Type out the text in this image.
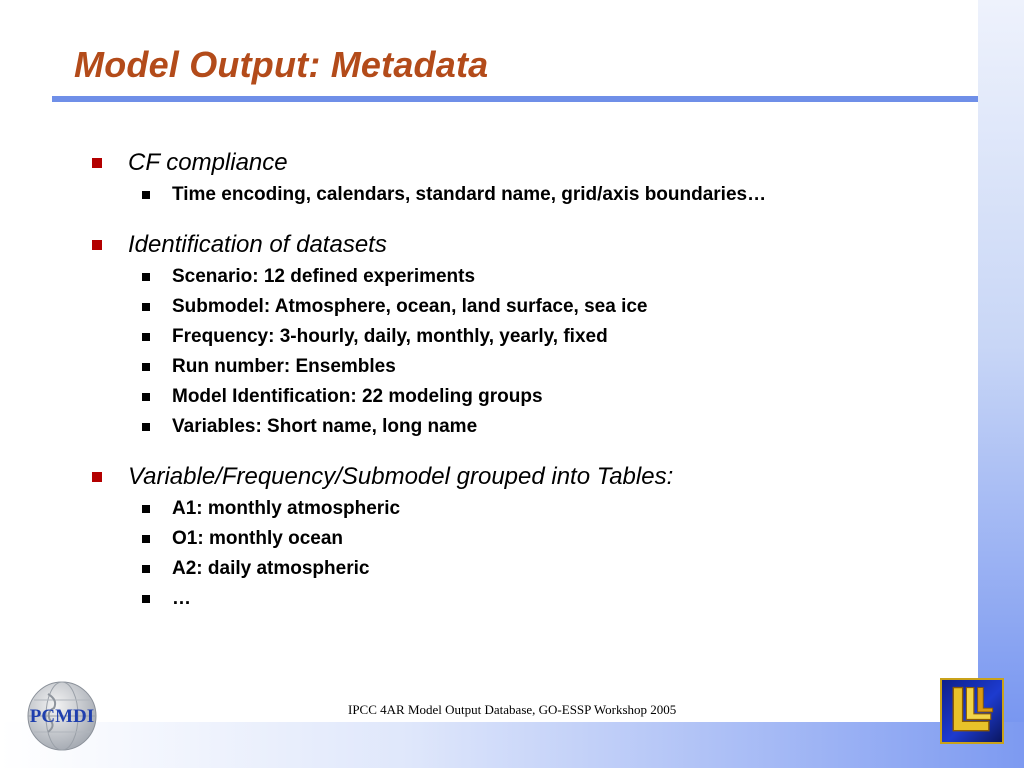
Model Output: Metadata
CF compliance
Time encoding, calendars, standard name, grid/axis boundaries…
Identification of datasets
Scenario: 12 defined experiments
Submodel: Atmosphere, ocean, land surface, sea ice
Frequency: 3-hourly, daily, monthly, yearly, fixed
Run number: Ensembles
Model Identification: 22 modeling groups
Variables: Short name, long name
Variable/Frequency/Submodel grouped into Tables:
A1: monthly atmospheric
O1: monthly ocean
A2: daily atmospheric
…
PCMDI	IPCC 4AR Model Output Database, GO-ESSP Workshop 2005
